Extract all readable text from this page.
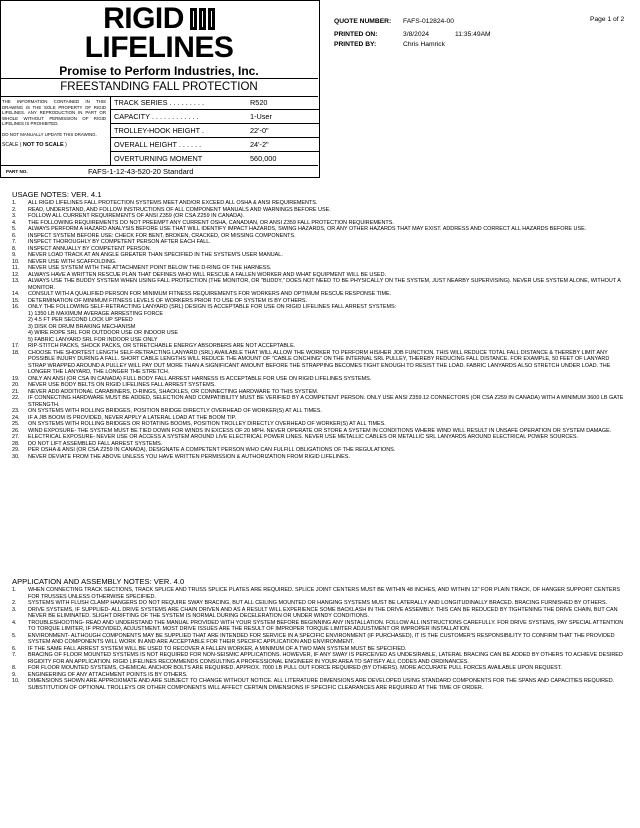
RIGID
LIFELINES
Promise to Perform Industries, Inc.
FREESTANDING FALL PROTECTION
THE INFORMATION CONTAINED IN THIS DRAWING IS THE SOLE PROPERTY OF RIGID LIFELINES. ANY REPRODUCTION IN PART OR WHOLE WITHOUT PERMISSION OF RIGID LIFELINES IS PROHIBITED.
DO NOT MANUALLY UPDATE THIS DRAWING.
SCALE ( NOT TO SCALE )
TRACK SERIES . . . . . . . . .	R520
CAPACITY . . . . . . . . . . . .	1-User
TROLLEY-HOOK HEIGHT .	22'-0"
OVERALL HEIGHT . . . . . .	24'-2"
OVERTURNING MOMENT	560,000
PART NO.	FAFS-1-12-43-520-20 Standard
QUOTE NUMBER: FAFS-012824-00
PRINTED ON:	3/8/2024	11:35:49AM
PRINTED BY:	Chris Hamrick
Page 1 of 2
USAGE NOTES: VER. 4.1
1.	ALL RIGID LIFELINES FALL PROTECTION SYSTEMS MEET AND/OR EXCEED ALL OSHA & ANSI REQUIREMENTS.
2.	READ, UNDERSTAND, AND FOLLOW INSTRUCTIONS OF ALL COMPONENT MANUALS AND WARNINGS BEFORE USE.
3.	FOLLOW ALL CURRENT REQUIREMENTS OF ANSI Z359 (OR CSA Z259 IN CANADA).
4.	THE FOLLOWING REQUIREMENTS DO NOT PREEMPT ANY CURRENT OSHA, CANADIAN, OR ANSI Z359 FALL PROTECTION REQUIREMENTS.
5.	ALWAYS PERFORM A HAZARD ANALYSIS BEFORE USE THAT WILL IDENTIFY IMPACT HAZARDS, SWING HAZARDS, OR ANY OTHER HAZARDS THAT MAY EXIST. ADDRESS AND CORRECT ALL HAZARDS BEFORE USE.
6.	INSPECT SYSTEM BEFORE USE: CHECK FOR BENT, BROKEN, CRACKED, OR MISSING COMPONENTS.
7.	INSPECT THOROUGHLY BY COMPETENT PERSON AFTER EACH FALL.
8.	INSPECT ANNUALLY BY COMPETENT PERSON.
9.	NEVER LOAD TRACK AT AN ANGLE GREATER THAN SPECIFIED IN THE SYSTEM'S USER MANUAL.
10.	NEVER USE WITH SCAFFOLDING.
11.	NEVER USE SYSTEM WITH THE ATTACHMENT POINT BELOW THE D-RING OF THE HARNESS.
12.	ALWAYS HAVE A WRITTEN RESCUE PLAN THAT DEFINES WHO WILL RESCUE A FALLEN WORKER AND WHAT EQUIPMENT WILL BE USED.
13.	ALWAYS USE THE BUDDY SYSTEM WHEN USING FALL PROTECTION (THE MONITOR, OR "BUDDY," DOES NOT NEED TO BE PHYSICALLY ON THE SYSTEM, JUST NEARBY SUPERVISING). NEVER USE SYSTEM ALONE, WITHOUT A MONITOR.
14.	CONSULT WITH A QUALIFIED PERSON FOR MINIMUM FITNESS REQUIREMENTS FOR WORKERS AND OPTIMUM RESCUE RESPONSE TIME.
15.	DETERMINATION OF MINIMUM FITNESS LEVELS OF WORKERS PRIOR TO USE OF SYSTEM IS BY OTHERS.
16.	ONLY THE FOLLOWING SELF-RETRACTING LANYARD (SRL) DESIGN IS ACCEPTABLE FOR USE ON RIGID LIFELINES FALL ARREST SYSTEMS:
1) 1350 LB MAXIMUM AVERAGE ARRESTING FORCE
2) 4.5 FT PER SECOND LOCK UP SPEED
3) DISK OR DRUM BRAKING MECHANISM
4) WIRE ROPE SRL FOR OUTDOOR USE OR INDOOR USE
5) FABRIC LANYARD SRL FOR INDOOR USE ONLY
17.	RIP-STITCH PACKS, SHOCK PACKS, OR STRETCHABLE ENERGY ABSORBERS ARE NOT ACCEPTABLE.
18.	CHOOSE THE SHORTEST LENGTH SELF-RETRACTING LANYARD (SRL) AVAILABLE THAT WILL ALLOW THE WORKER TO PERFORM HIS/HER JOB FUNCTION. THIS WILL REDUCE TOTAL FALL DISTANCE & THEREBY LIMIT ANY POSSIBLE INJURY DURING A FALL. SHORT CABLE LENGTHS WILL REDUCE THE AMOUNT OF "CABLE CINCHING" ON THE INTERNAL SRL PULLEY, THEREBY REDUCING FALL DISTANCE. FOR EXAMPLE, 50 FEET OF LANYARD STRAP WRAPPED AROUND A PULLEY WILL PAY OUT MORE THAN A SIGNIFICANT AMOUNT BEFORE THE STRAPPING BECOMES TIGHT ENOUGH TO RESIST THE LOAD. FABRIC LANYARDS ALSO STRETCH UNDER LOAD. THE LONGER THE LANYARD, THE LONGER THE STRETCH.
19.	ONLY AN ANSI (OR CSA IN CANADA) FULL BODY FALL ARREST HARNESS IS ACCEPTABLE FOR USE ON RIGID LIFELINES SYSTEMS.
20.	NEVER USE BODY BELTS ON RIGID LIFELINES FALL ARREST SYSTEMS.
21.	NEVER ADD ADDITIONAL CARABINERS, D-RINGS, SHACKLES, OR CONNECTING HARDWARE TO THIS SYSTEM.
22.	IF CONNECTING HARDWARE MUST BE ADDED, SELECTION AND COMPATIBILITY MUST BE VERIFIED BY A COMPETENT PERSON. ONLY USE ANSI Z359.12 CONNECTORS (OR CSA Z259 IN CANADA) WITH A MINIMUM 3600 LB GATE STRENGTH.
23.	ON SYSTEMS WITH ROLLING BRIDGES, POSITION BRIDGE DIRECTLY OVERHEAD OF WORKER(S) AT ALL TIMES.
24.	IF A JIB BOOM IS PROVIDED, NEVER APPLY A LATERAL LOAD AT THE BOOM TIP.
25.	ON SYSTEMS WITH ROLLING BRIDGES OR ROTATING BOOMS, POSITION TROLLEY DIRECTLY OVERHEAD OF WORKER(S) AT ALL TIMES.
26.	WIND EXPOSURE- THE SYSTEM MUST BE TIED DOWN FOR WINDS IN EXCESS OF 20 MPH. NEVER OPERATE OR STORE A SYSTEM IN CONDITIONS WHERE WIND WILL RESULT IN UNSAFE OPERATION OR SYSTEM DAMAGE.
27.	ELECTRICAL EXPOSURE- NEVER USE OR ACCESS A SYSTEM AROUND LIVE ELECTRICAL POWER LINES. NEVER USE METALLIC CABLES OR METALLIC SRL LANYARDS AROUND ELECTRICAL POWER SOURCES.
28.	DO NOT LIFT ASSEMBLED FALL ARREST SYSTEMS.
29.	PER OSHA & ANSI (OR CSA Z259 IN CANADA), DESIGNATE A COMPETENT PERSON WHO CAN FULFILL OBLIGATIONS OF THE REGULATIONS.
30.	NEVER DEVIATE FROM THE ABOVE UNLESS YOU HAVE WRITTEN PERMISSION & AUTHORIZATION FROM RIGID LIFELINES.
APPLICATION AND ASSEMBLY NOTES: VER. 4.0
1.	WHEN CONNECTING TRACK SECTIONS, TRACK SPLICE AND TRUSS SPLICE PLATES ARE REQUIRED. SPLICE JOINT CENTERS MUST BE WITHIN 48 INCHES, AND WITHIN 12" FOR PLAIN TRACK, OF HANGER SUPPORT CENTERS FOR TRUSSES UNLESS OTHERWISE SPECIFIED.
2.	SYSTEMS WITH FLUSH CLAMP HANGERS DO NOT REQUIRE SWAY BRACING, BUT ALL CEILING MOUNTED OR HANGING SYSTEMS MUST BE LATERALLY AND LONGITUDINALLY BRACED. BRACING FURNISHED BY OTHERS.
3.	DRIVE SYSTEMS, IF SUPPLIED- ALL DRIVE SYSTEMS ARE CHAIN DRIVEN AND AS A RESULT WILL EXPERIENCE SOME BACKLASH IN THE DRIVE ASSEMBLY. THIS CAN BE REDUCED BY TIGHTENING THE DRIVE CHAIN, BUT CAN NEVER BE ELIMINATED. SLIGHT DRIFTING OF THE SYSTEM IS NORMAL DURING DECELERATION OR UNDER WINDY CONDITIONS.
4.	TROUBLESHOOTING- READ AND UNDERSTAND THE MANUAL PROVIDED WITH YOUR SYSTEM BEFORE BEGINNING ANY INSTALLATION. FOLLOW ALL INSTRUCTIONS CAREFULLY. FOR DRIVE SYSTEMS, PAY SPECIAL ATTENTION TO TORQUE LIMITER, IF PROVIDED, ADJUSTMENT. MOST DRIVE ISSUES ARE THE RESULT OF IMPROPER TORQUE LIMITER ADJUSTMENT OR IMPROPER INSTALLATION.
5.	ENVIRONMENT- ALTHOUGH COMPONENTS MAY BE SUPPLIED THAT ARE INTENDED FOR SERVICE IN A SPECIFIC ENVIRONMENT (IF PURCHASED), IT IS THE CUSTOMER'S RESPONSIBILITY TO CONFIRM THAT THE PROVIDED SYSTEM AND COMPONENTS WILL WORK IN AND ARE ACCEPTABLE FOR THEIR SPECIFIC APPLICATION AND ENVIRONMENT.
6.	IF THE SAME FALL ARREST SYSTEM WILL BE USED TO RECOVER A FALLEN WORKER, A MINIMUM OF A TWO MAN SYSTEM MUST BE SPECIFIED.
7.	BRACING OF FLOOR MOUNTED SYSTEMS IS NOT REQUIRED FOR NON-SEISMIC APPLICATIONS. HOWEVER, IF ANY SWAY IS PERCEIVED AS UNDESIRABLE, LATERAL BRACING CAN BE ADDED BY OTHERS TO ACHIEVE DESIRED RIGIDITY FOR AN APPLICATION. RIGID LIFELINES RECOMMENDS CONSULTING A PROFESSIONAL ENGINEER IN YOUR AREA TO SATISFY ALL CODES AND ORDINANCES.
8.	FOR FLOOR MOUNTED SYSTEMS, CHEMICAL ANCHOR BOLTS ARE REQUIRED. APPROX. 7000 LB PULL OUT FORCE REQUIRED (BY OTHERS). MORE ACCURATE PULL FORCES AVAILABLE UPON REQUEST.
9.	ENGINEERING OF ANY ATTACHMENT POINTS IS BY OTHERS.
10.	DIMENSIONS SHOWN ARE APPROXIMATE AND ARE SUBJECT TO CHANGE WITHOUT NOTICE. ALL LITERATURE DIMENSIONS ARE DEVELOPED USING STANDARD COMPONENTS FOR THE SPANS AND CAPACITIES REQUIRED. SUBSTITUTION OF OPTIONAL TROLLEYS OR OTHER COMPONENTS WILL AFFECT CERTAIN DIMENSIONS IF SPECIFIC CLEARANCES ARE REQUIRED AT THE TIME OF ORDER.
